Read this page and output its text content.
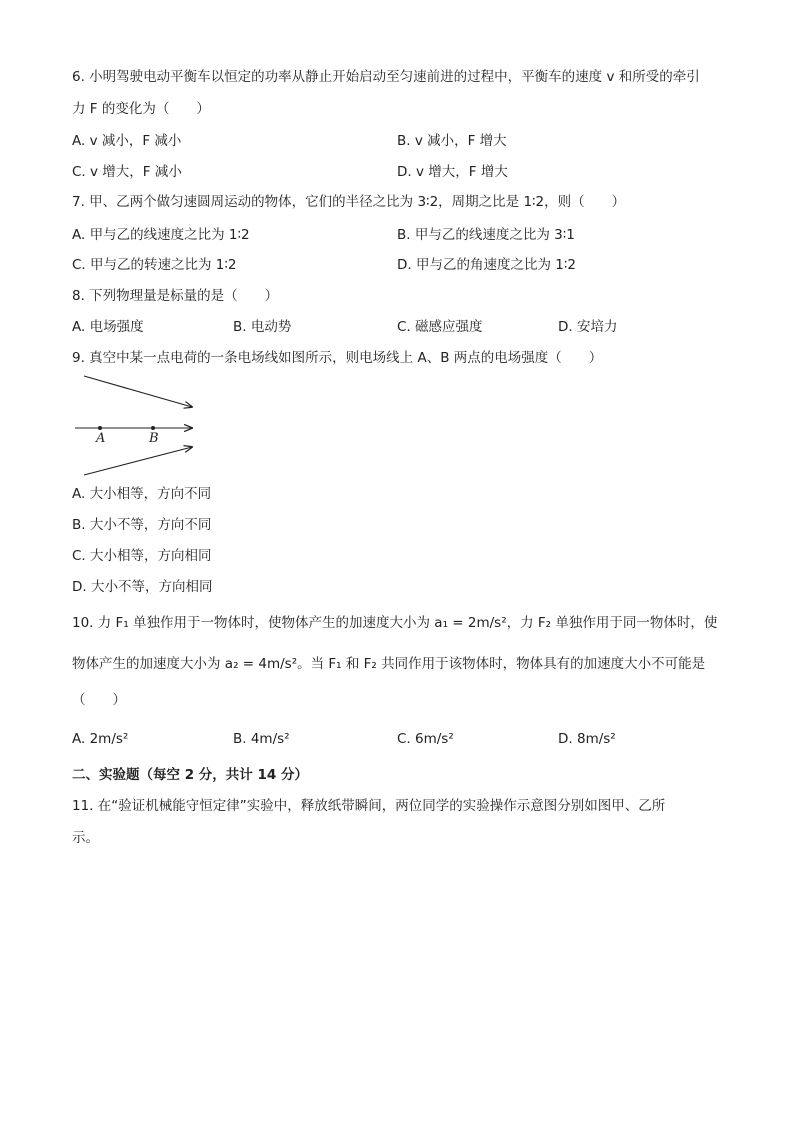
6. 小明驾驶电动平衡车以恒定的功率从静止开始启动至匀速前进的过程中，平衡车的速度 v 和所受的牵引
力 F 的变化为（　　）
A. v 减小，F 减小	B. v 减小，F 增大
C. v 增大，F 减小	D. v 增大，F 增大
7. 甲、乙两个做匀速圆周运动的物体，它们的半径之比为 3∶2，周期之比是 1∶2，则（　　）
A. 甲与乙的线速度之比为 1∶2	B. 甲与乙的线速度之比为 3∶1
C. 甲与乙的转速之比为 1∶2	D. 甲与乙的角速度之比为 1∶2
8. 下列物理量是标量的是（　　）
A. 电场强度	B. 电动势	C. 磁感应强度	D. 安培力
9. 真空中某一点电荷的一条电场线如图所示，则电场线上 A、B 两点的电场强度（　　）
A	B
A. 大小相等，方向不同
B. 大小不等，方向不同
C. 大小相等，方向相同
D. 大小不等，方向相同
10. 力 F₁ 单独作用于一物体时，使物体产生的加速度大小为 a₁ = 2m/s²，力 F₂ 单独作用于同一物体时，使
物体产生的加速度大小为 a₂ = 4m/s²。当 F₁ 和 F₂ 共同作用于该物体时，物体具有的加速度大小不可能是
（　　）
A. 2m/s²	B. 4m/s²	C. 6m/s²	D. 8m/s²
二、实验题（每空 2 分，共计 14 分）
11. 在“验证机械能守恒定律”实验中，释放纸带瞬间，两位同学的实验操作示意图分别如图甲、乙所
示。
